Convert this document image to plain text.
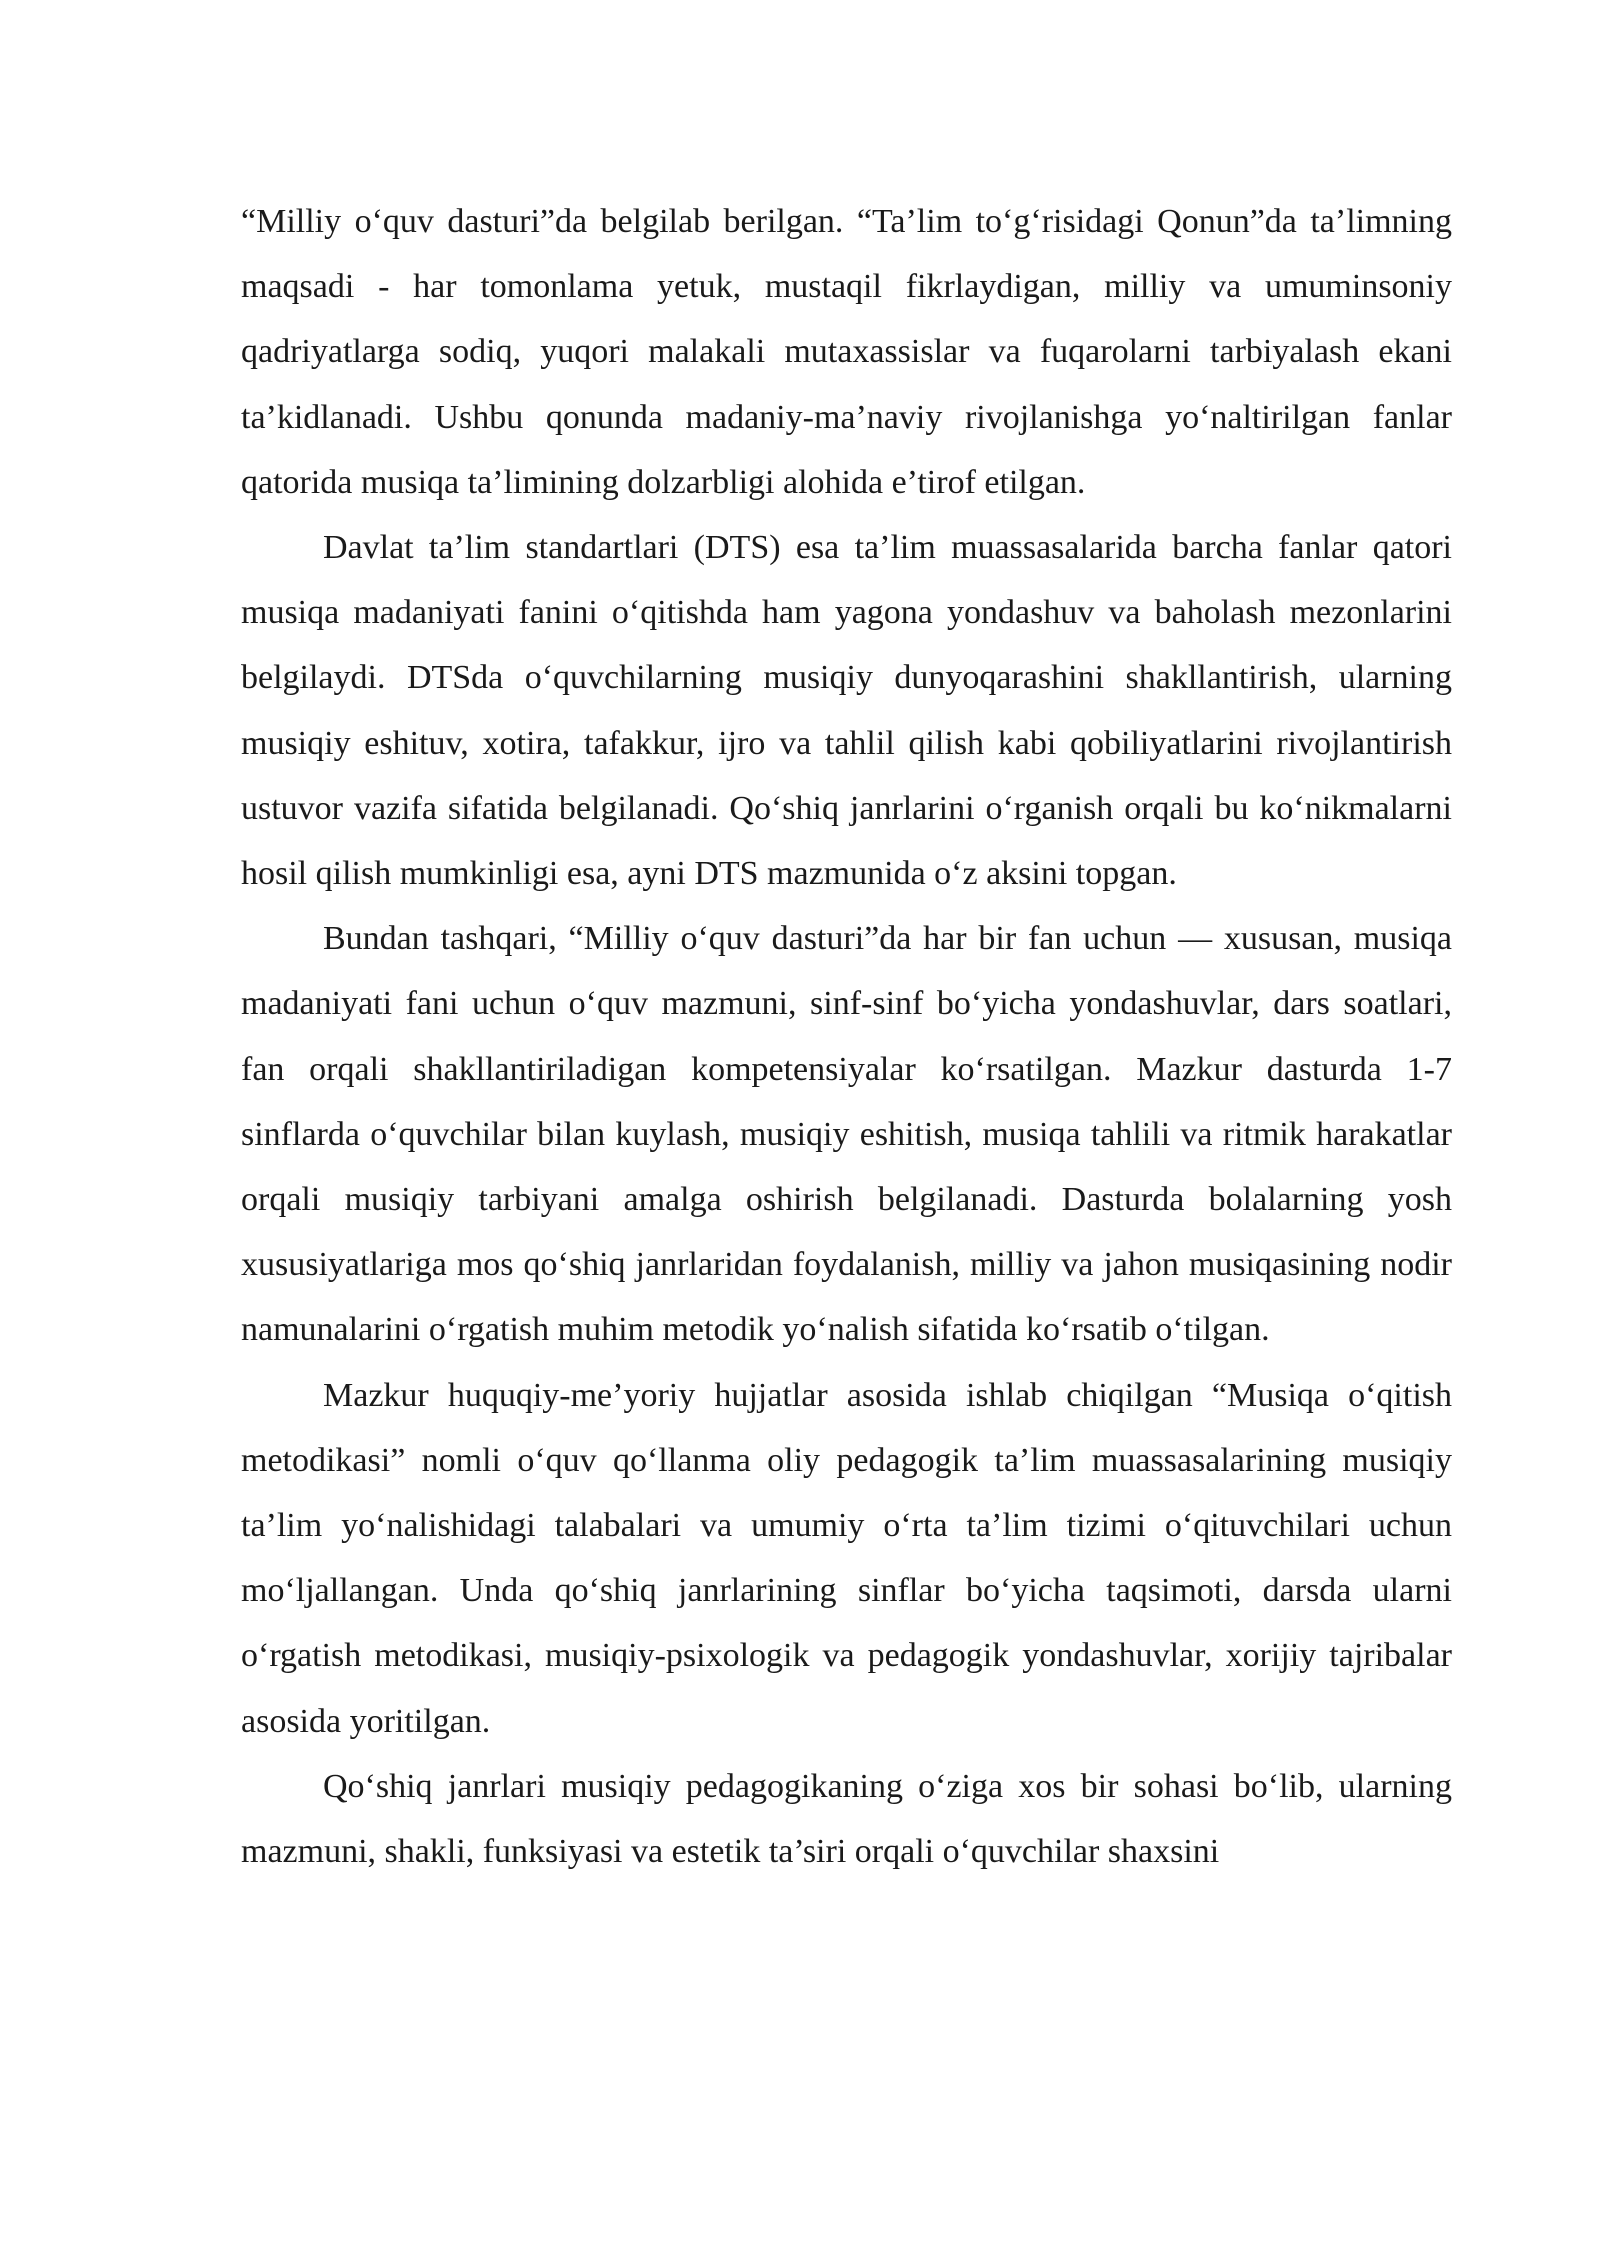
“Milliy o‘quv dasturi”da belgilab berilgan. “Ta’lim to‘g‘risidagi Qonun”da ta’limning maqsadi - har tomonlama yetuk, mustaqil fikrlaydigan, milliy va umuminsoniy qadriyatlarga sodiq, yuqori malakali mutaxassislar va fuqarolarni tarbiyalash ekani ta’kidlanadi. Ushbu qonunda madaniy-ma’naviy rivojlanishga yo‘naltirilgan fanlar qatorida musiqa ta’limining dolzarbligi alohida e’tirof etilgan.

Davlat ta’lim standartlari (DTS) esa ta’lim muassasalarida barcha fanlar qatori musiqa madaniyati fanini o‘qitishda ham yagona yondashuv va baholash mezonlarini belgilaydi. DTSda o‘quvchilarning musiqiy dunyoqarashini shakllantirish, ularning musiqiy eshituv, xotira, tafakkur, ijro va tahlil qilish kabi qobiliyatlarini rivojlantirish ustuvor vazifa sifatida belgilanadi. Qo‘shiq janrlarini o‘rganish orqali bu ko‘nikmalarni hosil qilish mumkinligi esa, ayni DTS mazmunida o‘z aksini topgan.

Bundan tashqari, “Milliy o‘quv dasturi”da har bir fan uchun — xususan, musiqa madaniyati fani uchun o‘quv mazmuni, sinf-sinf bo‘yicha yondashuvlar, dars soatlari, fan orqali shakllantiriladigan kompetensiyalar ko‘rsatilgan. Mazkur dasturda 1-7 sinflarda o‘quvchilar bilan kuylash, musiqiy eshitish, musiqa tahlili va ritmik harakatlar orqali musiqiy tarbiyani amalga oshirish belgilanadi. Dasturda bolalarning yosh xususiyatlariga mos qo‘shiq janrlaridan foydalanish, milliy va jahon musiqasining nodir namunalarini o‘rgatish muhim metodik yo‘nalish sifatida ko‘rsatib o‘tilgan.

Mazkur huquqiy-me’yoriy hujjatlar asosida ishlab chiqilgan “Musiqa o‘qitish metodikasi” nomli o‘quv qo‘llanma oliy pedagogik ta’lim muassasalarining musiqiy ta’lim yo‘nalishidagi talabalari va umumiy o‘rta ta’lim tizimi o‘qituvchilari uchun mo‘ljallangan. Unda qo‘shiq janrlarining sinflar bo‘yicha taqsimoti, darsda ularni o‘rgatish metodikasi, musiqiy-psixologik va pedagogik yondashuvlar, xorijiy tajribalar asosida yoritilgan.

Qo‘shiq janrlari musiqiy pedagogikaning o‘ziga xos bir sohasi bo‘lib, ularning mazmuni, shakli, funksiyasi va estetik ta’siri orqali o‘quvchilar shaxsini
